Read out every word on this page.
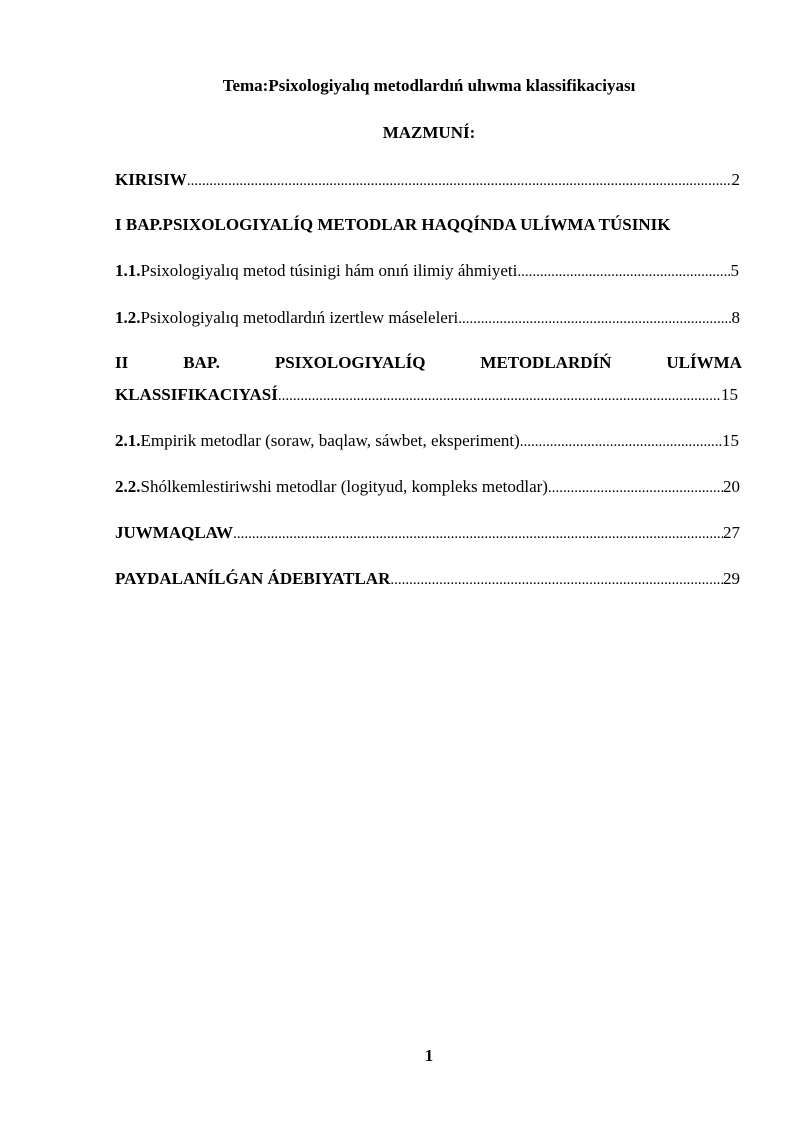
Tema:Psixologiyalıq metodlardıń ulıwma klassifikaciyası
MAZMUNÍ:
KIRISIW .....	2
I BAP.PSIXOLOGIYALÍQ METODLAR HAQQÍNDA ULÍWMA TÚSINIK
1.1.Psixologiyalıq metod túsinigi hám onıń ilimiy áhmiyeti .....	5
1.2.Psixologiyalıq metodlardıń izertlew máseleleri .....	8
II	BAP.	PSIXOLOGIYALÍQ	METODLARDÍŃ	ULÍWMA
KLASSIFIKACIYASÍ .....	15
2.1.Empirik metodlar (soraw, baqlaw, sáwbet, eksperiment) .....	15
2.2.Shólkemlestiriwshi metodlar (logityud, kompleks metodlar) .....	20
JUWMAQLAW .....	27
PAYDALANÍLǴAN ÁDEBIYATLAR .....	29
1
